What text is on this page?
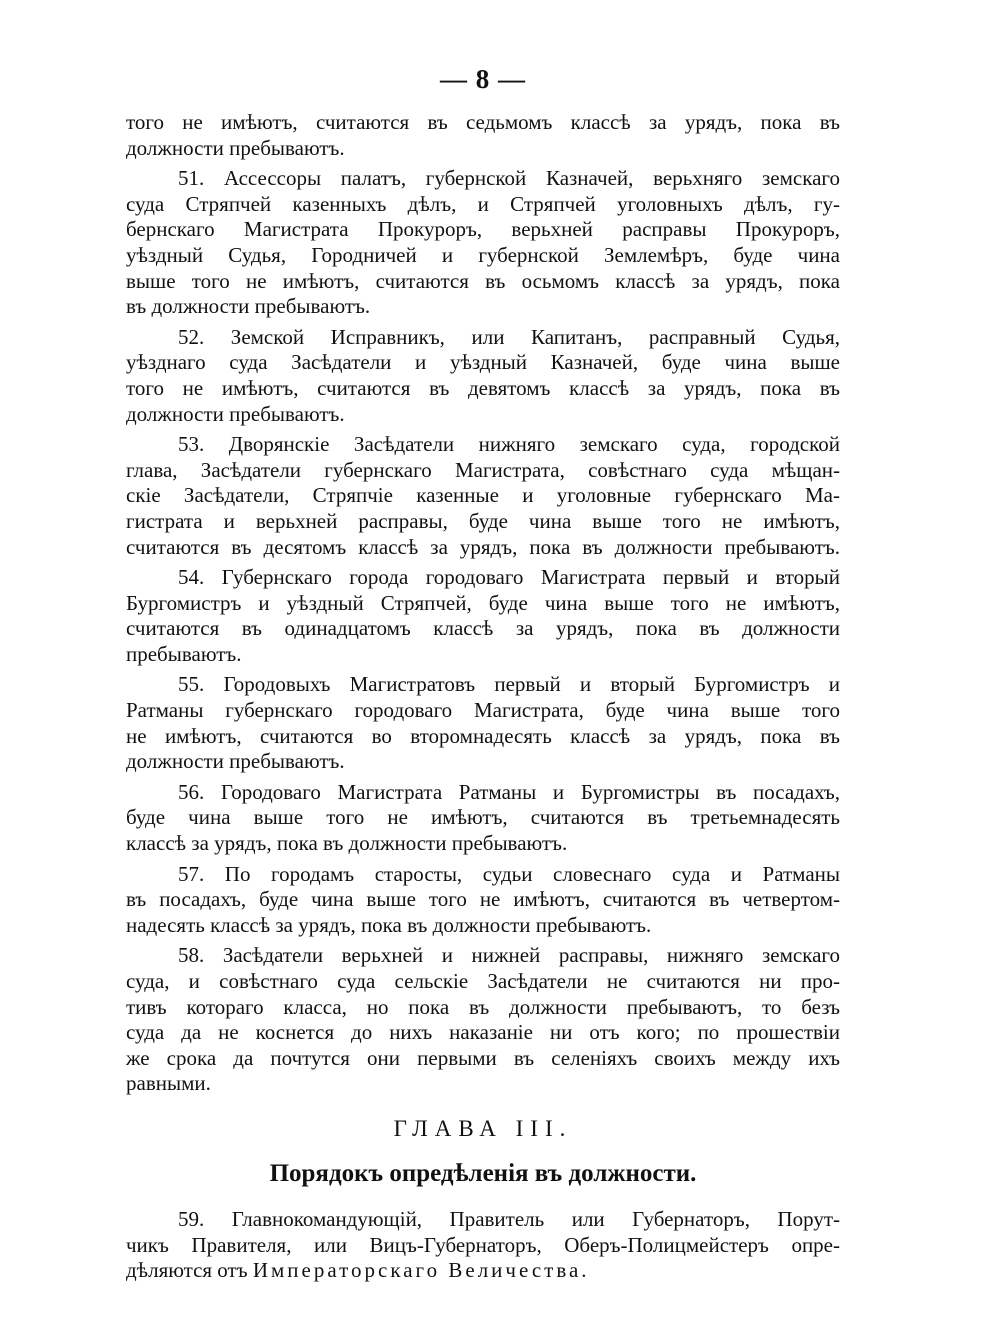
— 8 —
того не имѣютъ, считаются въ седьмомъ классѣ за урядъ, пока въ
должности пребываютъ.
51. Ассессоры палатъ, губернской Казначей, верьхняго земскаго
суда Стряпчей казенныхъ дѣлъ, и Стряпчей уголовныхъ дѣлъ, гу-
бернскаго Магистрата Прокуроръ, верьхней расправы Прокуроръ,
уѣздный Судья, Городничей и губернской Землемѣръ, буде чина
выше того не имѣютъ, считаются въ осьмомъ классѣ за урядъ, пока
въ должности пребываютъ.
52. Земской Исправникъ, или Капитанъ, расправный Судья,
уѣзднаго суда Засѣдатели и уѣздный Казначей, буде чина выше
того не имѣютъ, считаются въ девятомъ классѣ за урядъ, пока въ
должности пребываютъ.
53. Дворянскіе Засѣдатели нижняго земскаго суда, городской
глава, Засѣдатели губернскаго Магистрата, совѣстнаго суда мѣщан-
скіе Засѣдатели, Стряпчіе казенные и уголовные губернскаго Ма-
гистрата и верьхней расправы, буде чина выше того не имѣютъ,
считаются въ десятомъ классѣ за урядъ, пока въ должности пребываютъ.
54. Губернскаго города городоваго Магистрата первый и вторый
Бургомистръ и уѣздный Стряпчей, буде чина выше того не имѣютъ,
считаются въ одинадцатомъ классѣ за урядъ, пока въ должности
пребываютъ.
55. Городовыхъ Магистратовъ первый и вторый Бургомистръ и
Ратманы губернскаго городоваго Магистрата, буде чина выше того
не имѣютъ, считаются во второмнадесять классѣ за урядъ, пока въ
должности пребываютъ.
56. Городоваго Магистрата Ратманы и Бургомистры въ посадахъ,
буде чина выше того не имѣютъ, считаются въ третьемнадесять
классѣ за урядъ, пока въ должности пребываютъ.
57. По городамъ старосты, судьи словеснаго суда и Ратманы
въ посадахъ, буде чина выше того не имѣютъ, считаются въ четвертом-
надесять классѣ за урядъ, пока въ должности пребываютъ.
58. Засѣдатели верьхней и нижней расправы, нижняго земскаго
суда, и совѣстнаго суда сельскіе Засѣдатели не считаются ни про-
тивъ котораго класса, но пока въ должности пребываютъ, то безъ
суда да не коснется до нихъ наказаніе ни отъ кого; по прошествіи
же срока да почтутся они первыми въ селеніяхъ своихъ между ихъ
равными.
ГЛАВА III.
Порядокъ опредѣленія въ должности.
59. Главнокомандующій, Правитель или Губернаторъ, Порут-
чикъ Правителя, или Вицъ-Губернаторъ, Оберъ-Полицмейстеръ опре-
дѣляются отъ Императорскаго Величества.
